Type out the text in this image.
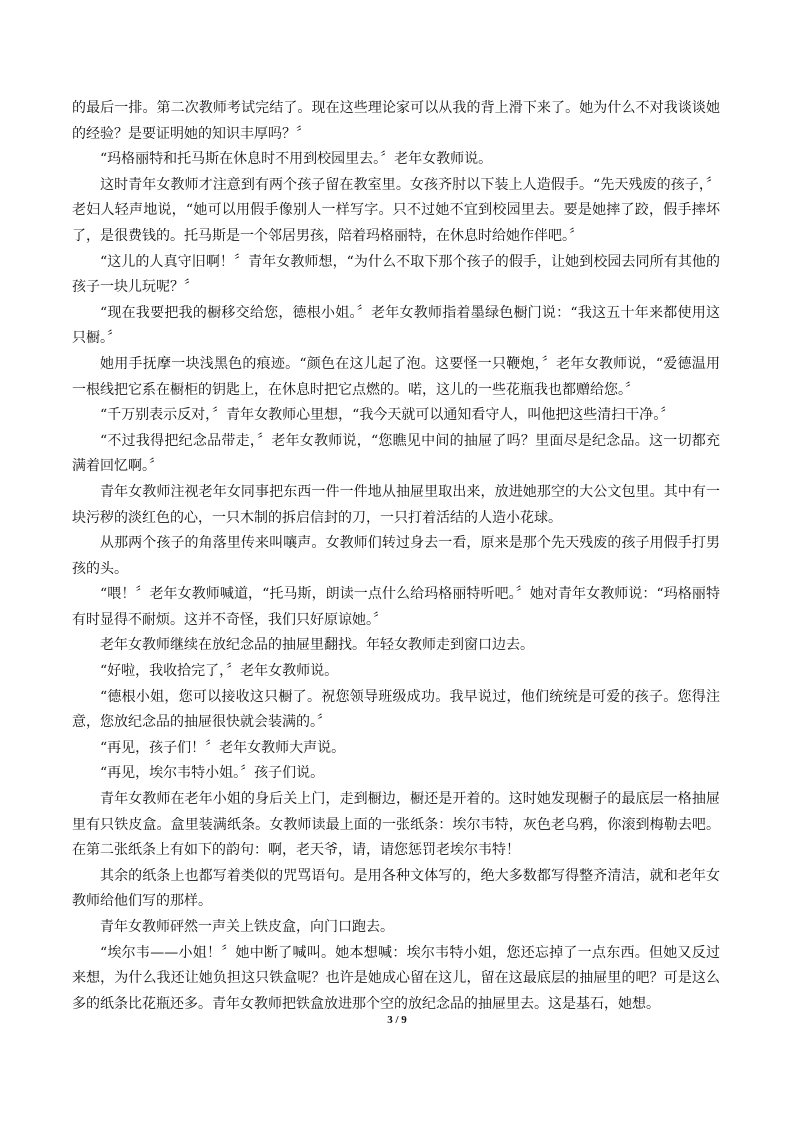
的最后一排。第二次教师考试完结了。现在这些理论家可以从我的背上滑下来了。她为什么不对我谈谈她的经验？是要证明她的知识丰厚吗？〞

“玛格丽特和托马斯在休息时不用到校园里去。〞老年女教师说。

这时青年女教师才注意到有两个孩子留在教室里。女孩齐肘以下装上人造假手。“先天残废的孩子，〞老妇人轻声地说，“她可以用假手像别人一样写字。只不过她不宜到校园里去。要是她摔了跤，假手摔坏了，是很费钱的。托马斯是一个邻居男孩，陪着玛格丽特，在休息时给她作伴吧。〞

“这儿的人真守旧啊！〞青年女教师想，“为什么不取下那个孩子的假手，让她到校园去同所有其他的孩子一块儿玩呢？〞

“现在我要把我的橱移交给您，德根小姐。〞老年女教师指着墨绿色橱门说：“我这五十年来都使用这只橱。〞

她用手抚摩一块浅黑色的痕迹。“颜色在这儿起了泡。这要怪一只鞭炮，〞老年女教师说，“爱德温用一根线把它系在橱柜的钥匙上，在休息时把它点燃的。喏，这儿的一些花瓶我也都赠给您。〞

“千万别表示反对，〞青年女教师心里想，“我今天就可以通知看守人，叫他把这些清扫干净。〞

“不过我得把纪念品带走，〞老年女教师说，“您瞧见中间的抽屉了吗？里面尽是纪念品。这一切都充满着回忆啊。〞

青年女教师注视老年女同事把东西一件一件地从抽屉里取出来，放进她那空的大公文包里。其中有一块污秽的淡红色的心，一只木制的拆启信封的刀，一只打着活结的人造小花球。

从那两个孩子的角落里传来叫嚷声。女教师们转过身去一看，原来是那个先天残废的孩子用假手打男孩的头。

“喂！〞老年女教师喊道，“托马斯，朗读一点什么给玛格丽特听吧。〞她对青年女教师说：“玛格丽特有时显得不耐烦。这并不奇怪，我们只好原谅她。〞

老年女教师继续在放纪念品的抽屉里翻找。年轻女教师走到窗口边去。

“好啦，我收拾完了，〞老年女教师说。

“德根小姐，您可以接收这只橱了。祝您领导班级成功。我早说过，他们统统是可爱的孩子。您得注意，您放纪念品的抽屉很快就会装满的。〞

“再见，孩子们！〞老年女教师大声说。

“再见，埃尔韦特小姐。〞孩子们说。

青年女教师在老年小姐的身后关上门，走到橱边，橱还是开着的。这时她发现橱子的最底层一格抽屉里有只铁皮盒。盒里装满纸条。女教师读最上面的一张纸条：埃尔韦特，灰色老乌鸦，你滚到梅勒去吧。在第二张纸条上有如下的韵句：啊，老天爷，请，请您惩罚老埃尔韦特！

其余的纸条上也都写着类似的咒骂语句。是用各种文体写的，绝大多数都写得整齐清洁，就和老年女教师给他们写的那样。

青年女教师砰然一声关上铁皮盒，向门口跑去。

“埃尔韦——小姐！〞她中断了喊叫。她本想喊：埃尔韦特小姐，您还忘掉了一点东西。但她又反过来想，为什么我还让她负担这只铁盒呢？也许是她成心留在这儿，留在这最底层的抽屉里的吧？可是这么多的纸条比花瓶还多。青年女教师把铁盒放进那个空的放纪念品的抽屉里去。这是基石，她想。

3 / 9
